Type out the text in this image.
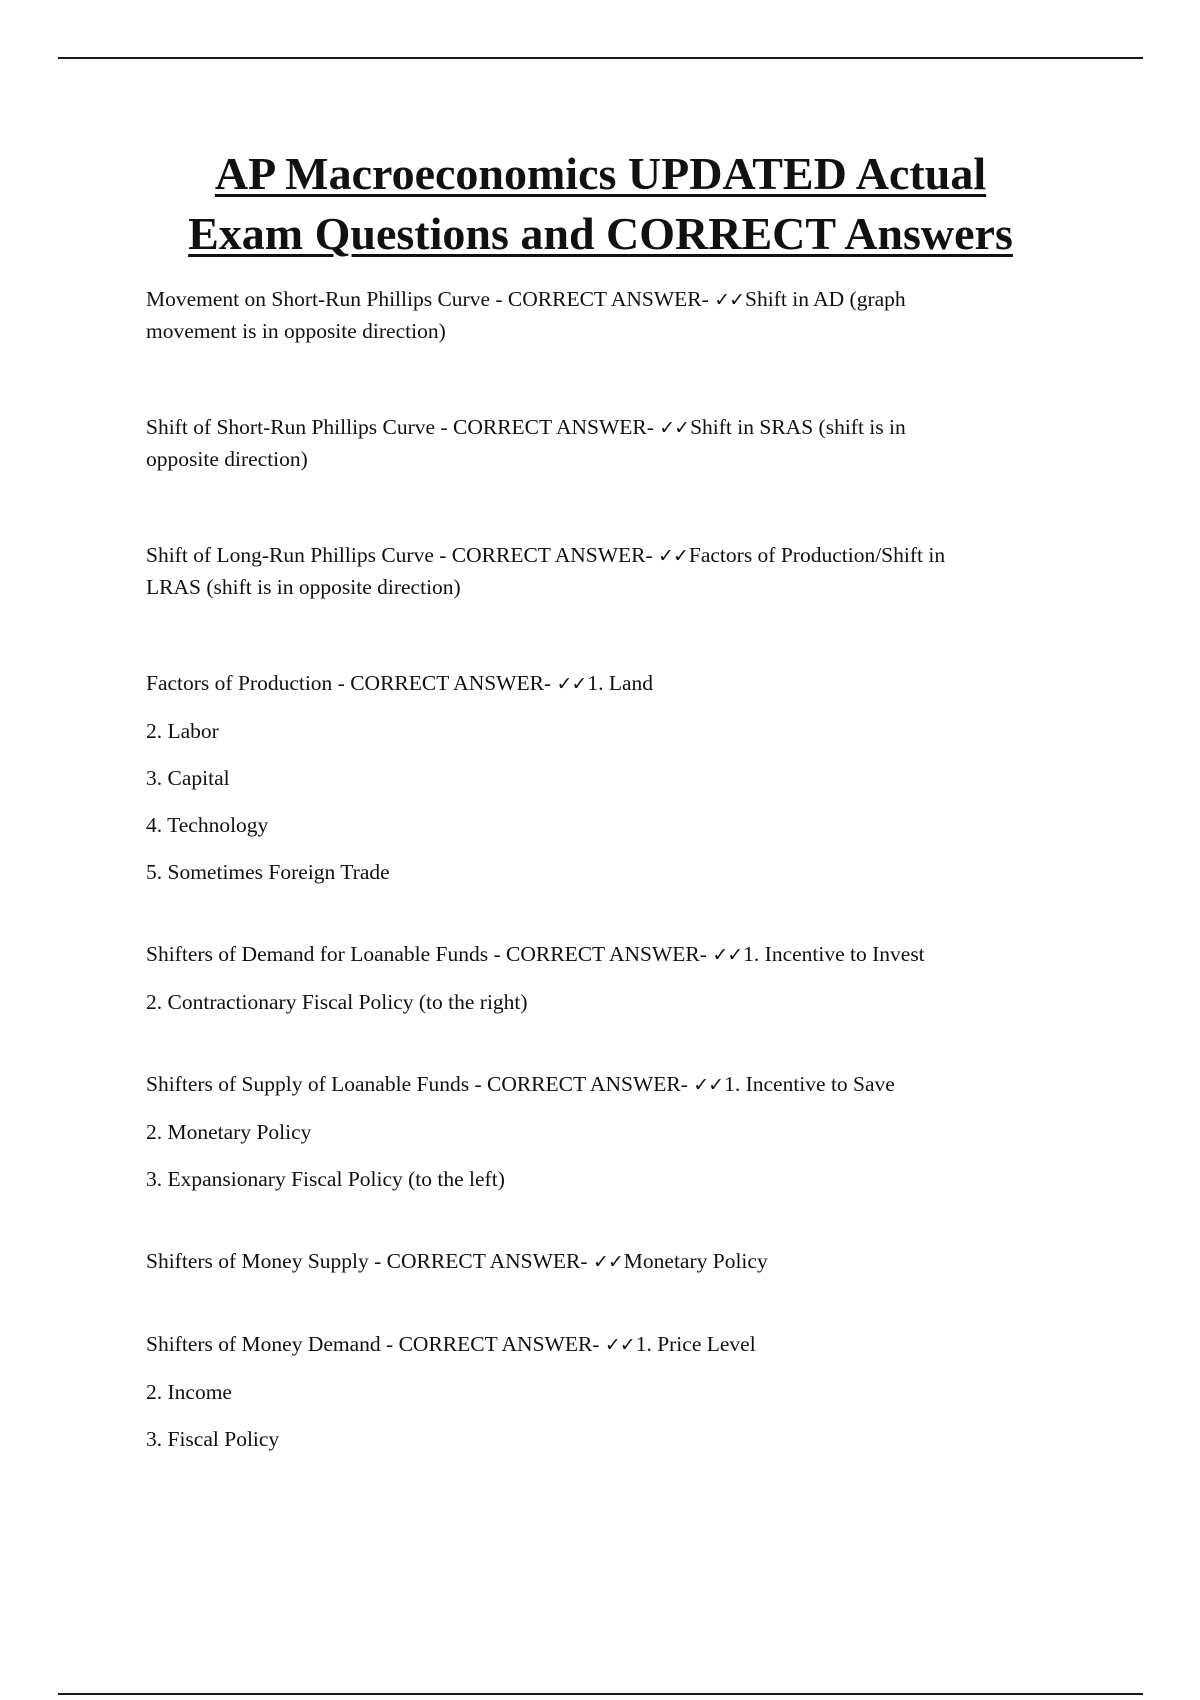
AP Macroeconomics UPDATED Actual
Exam Questions and CORRECT Answers

Movement on Short-Run Phillips Curve - CORRECT ANSWER- ✓✓Shift in AD (graph

movement is in opposite direction)

Shift of Short-Run Phillips Curve - CORRECT ANSWER- ✓✓Shift in SRAS (shift is in

opposite direction)

Shift of Long-Run Phillips Curve - CORRECT ANSWER- ✓✓Factors of Production/Shift in

LRAS (shift is in opposite direction)

Factors of Production - CORRECT ANSWER- ✓✓1. Land

2. Labor

3. Capital

4. Technology

5. Sometimes Foreign Trade

Shifters of Demand for Loanable Funds - CORRECT ANSWER- ✓✓1. Incentive to Invest

2. Contractionary Fiscal Policy (to the right)

Shifters of Supply of Loanable Funds - CORRECT ANSWER- ✓✓1. Incentive to Save

2. Monetary Policy

3. Expansionary Fiscal Policy (to the left)

Shifters of Money Supply - CORRECT ANSWER- ✓✓Monetary Policy

Shifters of Money Demand - CORRECT ANSWER- ✓✓1. Price Level

2. Income

3. Fiscal Policy
